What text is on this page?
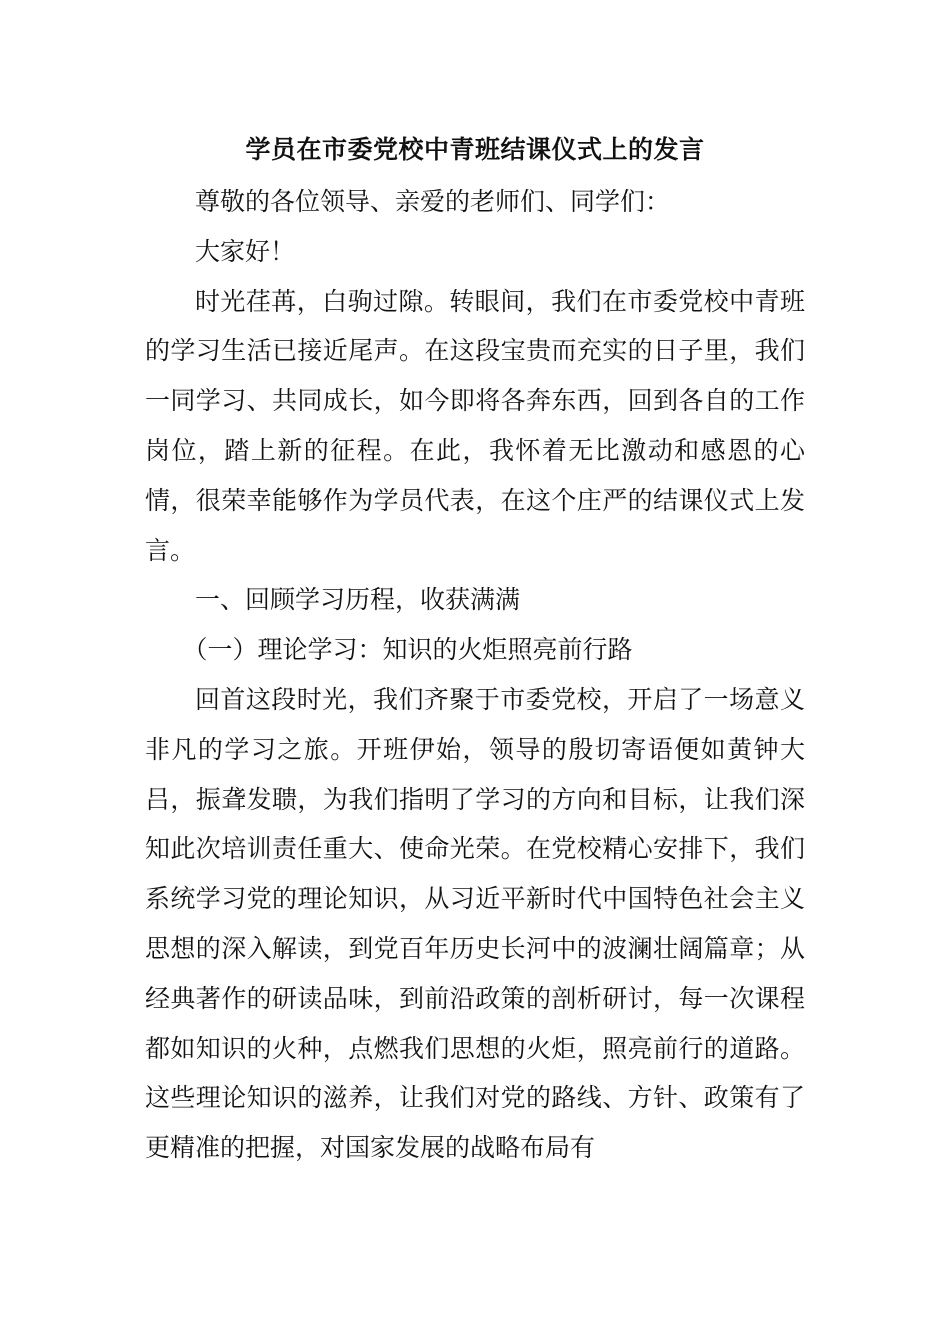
学员在市委党校中青班结课仪式上的发言

尊敬的各位领导、亲爱的老师们、同学们：

大家好！

时光荏苒，白驹过隙。转眼间，我们在市委党校中青班的学习生活已接近尾声。在这段宝贵而充实的日子里，我们一同学习、共同成长，如今即将各奔东西，回到各自的工作岗位，踏上新的征程。在此，我怀着无比激动和感恩的心情，很荣幸能够作为学员代表，在这个庄严的结课仪式上发言。

一、回顾学习历程，收获满满

（一）理论学习：知识的火炬照亮前行路

回首这段时光，我们齐聚于市委党校，开启了一场意义非凡的学习之旅。开班伊始，领导的殷切寄语便如黄钟大吕，振聋发聩，为我们指明了学习的方向和目标，让我们深知此次培训责任重大、使命光荣。在党校精心安排下，我们系统学习党的理论知识，从习近平新时代中国特色社会主义思想的深入解读，到党百年历史长河中的波澜壮阔篇章；从经典著作的研读品味，到前沿政策的剖析研讨，每一次课程都如知识的火种，点燃我们思想的火炬，照亮前行的道路。这些理论知识的滋养，让我们对党的路线、方针、政策有了更精准的把握，对国家发展的战略布局有
